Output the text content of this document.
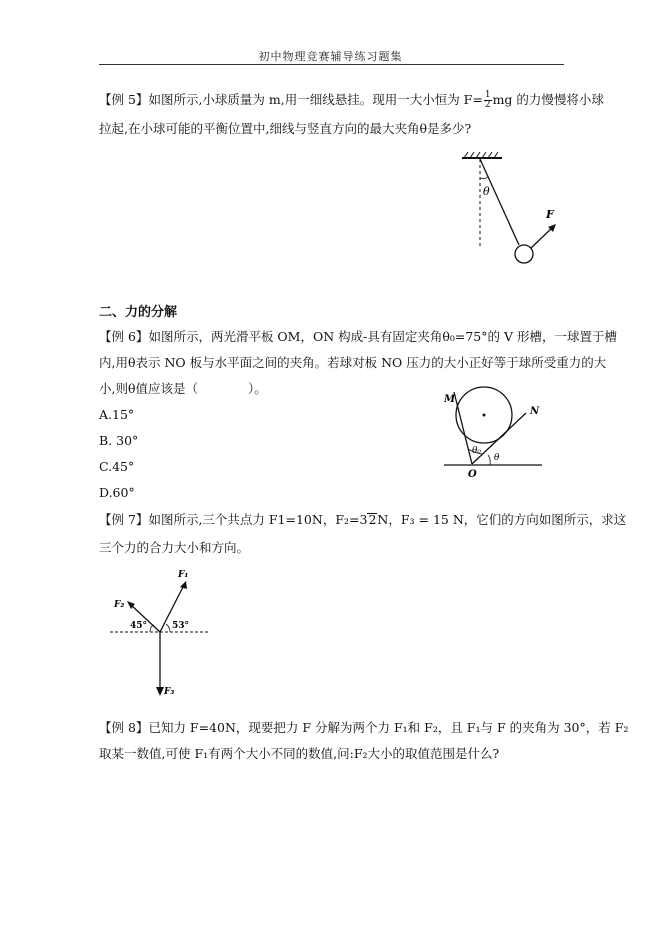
初中物理竞赛辅导练习题集
【例 5】如图所示,小球质量为 m,用一细线悬挂。现用一大小恒为 $F= \frac{1}{2}$ mg 的力慢慢将小球
拉起,在小球可能的平衡位置中,细线与竖直方向的最大夹角θ是多少?
θ
F
二、力的分解
【例 6】如图所示，两光滑平板 OM，ON 构成-具有固定夹角θ₀=75°的 V 形槽，一球置于槽
内,用θ表示 NO 板与水平面之间的夹角。若球对板 NO 压力的大小正好等于球所受重力的大
小,则θ值应该是（　　　　）。
A.15°
B. 30°
C.45°
D.60°
M
N
O
θ₀
θ
【例 7】如图所示,三个共点力 F1=10N，F₂=32N，F₃ = 15 N，它们的方向如图所示，求这
三个力的合力大小和方向。
F₁
F₂
F₃
45°	53°
【例 8】已知力 F=40N，现要把力 F 分解为两个力 F₁和 F₂，且 F₁与 F 的夹角为 30°，若 F₂
取某一数值,可使 F₁有两个大小不同的数值,问:F₂大小的取值范围是什么?
